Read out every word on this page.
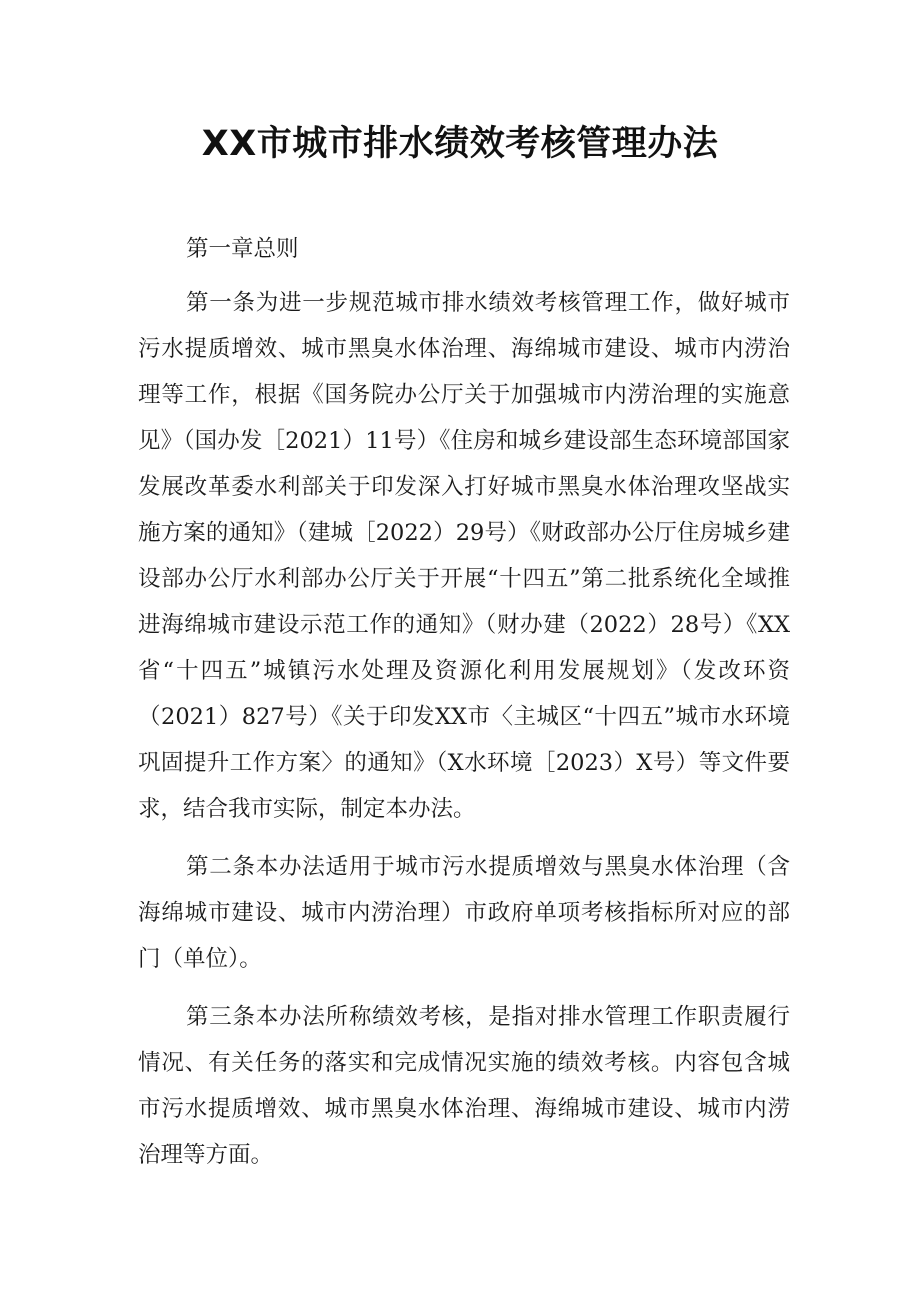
XX市城市排水绩效考核管理办法

第一章总则

第一条为进一步规范城市排水绩效考核管理工作，做好城市污水提质增效、城市黑臭水体治理、海绵城市建设、城市内涝治理等工作，根据《国务院办公厅关于加强城市内涝治理的实施意见》（国办发［2021）11号）《住房和城乡建设部生态环境部国家发展改革委水利部关于印发深入打好城市黑臭水体治理攻坚战实施方案的通知》（建城［2022）29号）《财政部办公厅住房城乡建设部办公厅水利部办公厅关于开展“十四五”第二批系统化全域推进海绵城市建设示范工作的通知》（财办建（2022）28号）《XX省“十四五”城镇污水处理及资源化利用发展规划》（发改环资（2021）827号）《关于印发XX市〈主城区“十四五”城市水环境巩固提升工作方案〉的通知》（X水环境［2023）X号）等文件要求，结合我市实际，制定本办法。

第二条本办法适用于城市污水提质增效与黑臭水体治理（含海绵城市建设、城市内涝治理）市政府单项考核指标所对应的部门（单位）。

第三条本办法所称绩效考核，是指对排水管理工作职责履行情况、有关任务的落实和完成情况实施的绩效考核。内容包含城市污水提质增效、城市黑臭水体治理、海绵城市建设、城市内涝治理等方面。
